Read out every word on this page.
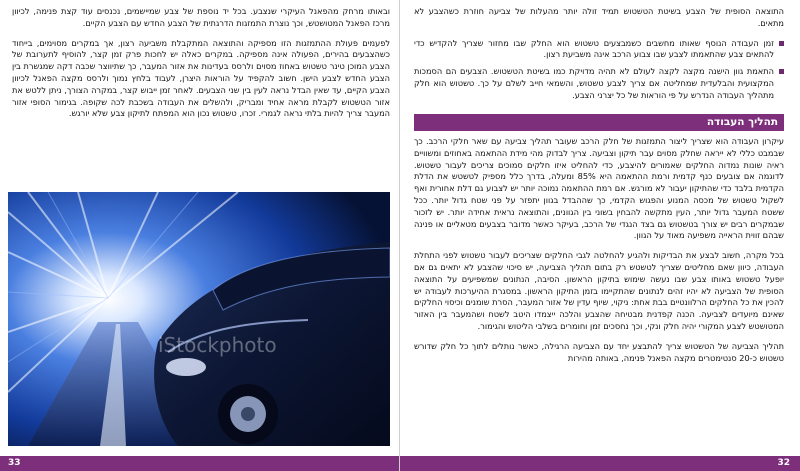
ובאותו מרחק מהפאנל העיקרי שנצבע. בכל יד נוספת של צבע שמיישמים, נכנסים עוד קצת פנימה, לכיוון מרכז הפאנל המטושטש, וכך נוצרת התמזגות הדרגתית של הצבע החדש עם הצבע הקיים.

לפעמים פעולת ההתמזגות הזו מספיקה והתוצאה המתקבלת משביעה רצון, אך במקרים מסוימים, בייחוד כשהצבעים בהירים, הפעולה אינה מספיקה. במקרים כאלה יש לחכות פרק זמן קצר, להוסיף לתערובת של הצבע המוכן טינר טשטוש באחוז מסוים ולרסס בעדינות את אזור המעבר, כך שתיווצר שכבה דקה שמגשרת בין הצבע החדש לצבע הישן. חשוב להקפיד על הוראות היצרן, לעבוד בלחץ נמוך ולרסס מקצה הפאנל לכיוון הצבע הקיים, עד שאין הבדל נראה לעין בין שני הצבעים. לאחר זמן ייבוש קצר, במקרה הצורך, ניתן ללטש את אזור הטשטוש לקבלת מראה אחיד ומבריק, ולהשלים את העבודה בשכבת לכה שקופה. בגימור הסופי אזור המעבר צריך להיות בלתי נראה לגמרי. זכרו, טשטוש נכון הוא המפתח לתיקון צבע שלא יורגש.

iStockphoto
33

התוצאה הסופית של הצבע בשיטת הטשטוש תמיד זולה יותר מהעלות של צביעה חוזרת כשהצבע לא מתאים.

זמן העבודה הנוסף שאותו מחשבים כשמבצעים טשטוש הוא החלק שבו מחזור שצריך להקדיש כדי להתאים צבע שהתאמתו לצבע שבו צבוע הרכב אינה משביעת רצון.
התאמת גוון הישנה מקצה לקצה לעולם לא תהיה מדויקת כמו בשיטת הטשטוש. הצבעים הם הסמכות המקצועית והבלעדית שמחליטה אם צריך לצבע טשטוש, והשמאי חייב לשלם על כך. טשטוש הוא חלק מתהליך העבודה הנדרש על פי הוראות של כל יצרני הצבע.
תהליך העבודה

עיקרון העבודה הוא שצריך ליצור התמזגות של חלק הרכב שעובר תהליך צביעה עם שאר חלקי הרכב. כך שבמבט כללי לא ייראה שחלק מסוים עבר תיקון וצביעה. צריך לבדוק מהי מידת ההתאמה באחוזים ומשוויים ראיה שונות נמדוה החלקים שאמורים להיצבע, כדי להחליט איזו חלקים סמוכים צריכים לעבור טשטוש. לדוגמה אם צובעים כנף קדמית ורמת ההתאמה היא 85% ומעלה, בדרך כלל מספיק לטשטש את הדלת הקדמית בלבד כדי שהתיקון יעבור לא מורגש. אם רמת ההתאמה נמוכה יותר יש לצבוע גם דלת אחורית ואף לשקול טשטוש של מכסה המנוע והפגוש הקדמי, כך שההבדל בגוון יתפזר על פני שטח גדול יותר. ככל ששטח המעבר גדול יותר, העין מתקשה להבחין בשוני בין הגוונים, והתוצאה נראית אחידה יותר. יש לזכור שבמקרים רבים יש צורך בטשטוש גם בצד הנגדי של הרכב, בעיקר כאשר מדובר בצבעים מטאליים או פנינה שבהם זווית הראייה משפיעה מאוד על הגוון.

בכל מקרה, חשוב לבצע את הבדיקות ולהגיע להחלטה לגבי החלקים שצריכים לעבור טשטוש לפני התחלת העבודה, כיוון שאם מחליטים שצריך לטשטש רק בתום תהליך הצביעה, יש סיכוי שהצבע לא יתאים גם אם יופעל טשטוש באותו צבע שבו נעשה שימוש בתיקון הראשון. הסיבה, הנתונים שמשפיעים על התוצאה הסופית של הצביעה לא יהיו זהים לנתונים שהתקיימו בזמן התיקון הראשון. במסגרת ההיערכות לעבודה יש להכין את כל החלקים הרלוונטיים בבת אחת: ניקוי, שיוף עדין של אזור המעבר, הסרת שומנים וכיסוי החלקים שאינם מיועדים לצביעה. הכנה קפדנית מבטיחה שהצבע והלכה ייצמדו היטב לשטח ושהמעבר בין האזור המטושטש לצבע המקורי יהיה חלק ונקי, וכך נחסכים זמן וחומרים בשלבי הליטוש והגימור.

תהליך הצביעה של הטשטוש צריך להתבצע יחד עם הצביעה הרגילה, כאשר נותלים לתוך כל חלק שדורש טשטוש כ-20 סנטימטרים מקצה הפאנל פנימה, באותה מהירות

32
